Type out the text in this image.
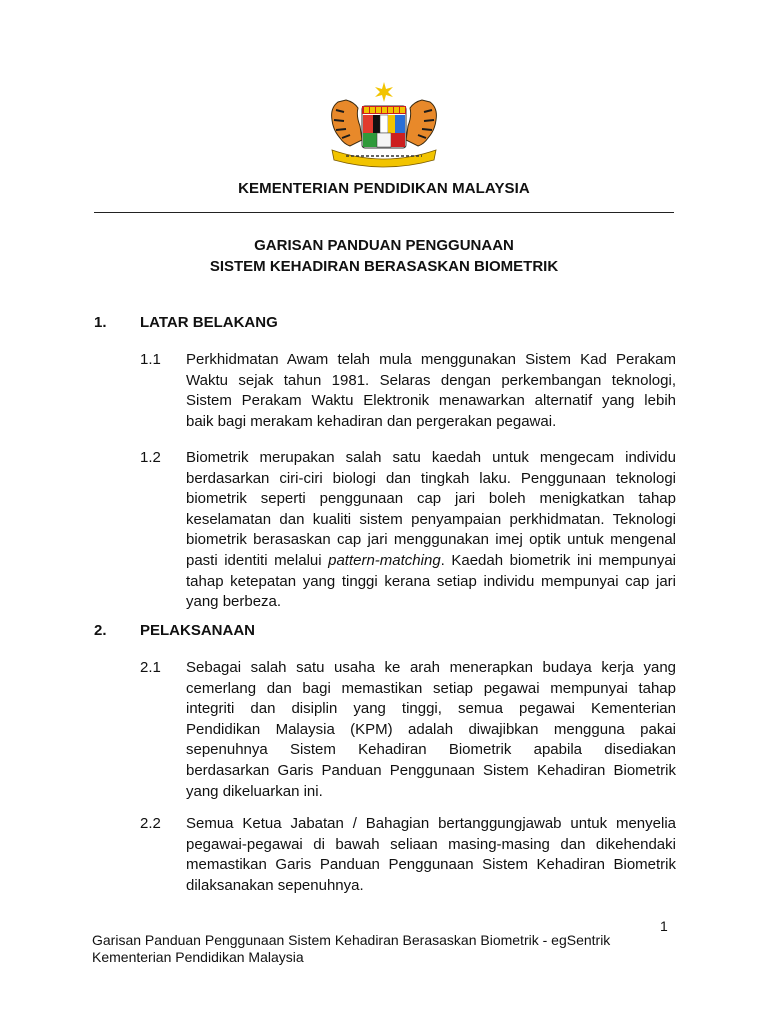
KEMENTERIAN PENDIDIKAN MALAYSIA
GARISAN PANDUAN PENGGUNAAN
SISTEM KEHADIRAN BERASASKAN BIOMETRIK
1. LATAR BELAKANG
1.1 Perkhidmatan Awam telah mula menggunakan Sistem Kad Perakam
Waktu sejak tahun 1981. Selaras dengan perkembangan teknologi,
Sistem Perakam Waktu Elektronik menawarkan alternatif yang lebih
baik bagi merakam kehadiran dan pergerakan pegawai.
1.2 Biometrik merupakan salah satu kaedah untuk mengecam individu
berdasarkan ciri-ciri biologi dan tingkah laku. Penggunaan teknologi
biometrik seperti penggunaan cap jari boleh menigkatkan tahap
keselamatan dan kualiti sistem penyampaian perkhidmatan. Teknologi
biometrik berasaskan cap jari menggunakan imej optik untuk mengenal
pasti identiti melalui pattern-matching. Kaedah biometrik ini mempunyai
tahap ketepatan yang tinggi kerana setiap individu mempunyai cap jari
yang berbeza.
2. PELAKSANAAN
2.1 Sebagai salah satu usaha ke arah menerapkan budaya kerja yang
cemerlang dan bagi memastikan setiap pegawai mempunyai tahap
integriti dan disiplin yang tinggi, semua pegawai Kementerian
Pendidikan Malaysia (KPM) adalah diwajibkan mengguna pakai
sepenuhnya Sistem Kehadiran Biometrik apabila disediakan
berdasarkan Garis Panduan Penggunaan Sistem Kehadiran Biometrik
yang dikeluarkan ini.
2.2 Semua Ketua Jabatan / Bahagian bertanggungjawab untuk menyelia
pegawai-pegawai di bawah seliaan masing-masing dan dikehendaki
memastikan Garis Panduan Penggunaan Sistem Kehadiran Biometrik
dilaksanakan sepenuhnya.
1
Garisan Panduan Penggunaan Sistem Kehadiran Berasaskan Biometrik - egSentrik
Kementerian Pendidikan Malaysia
